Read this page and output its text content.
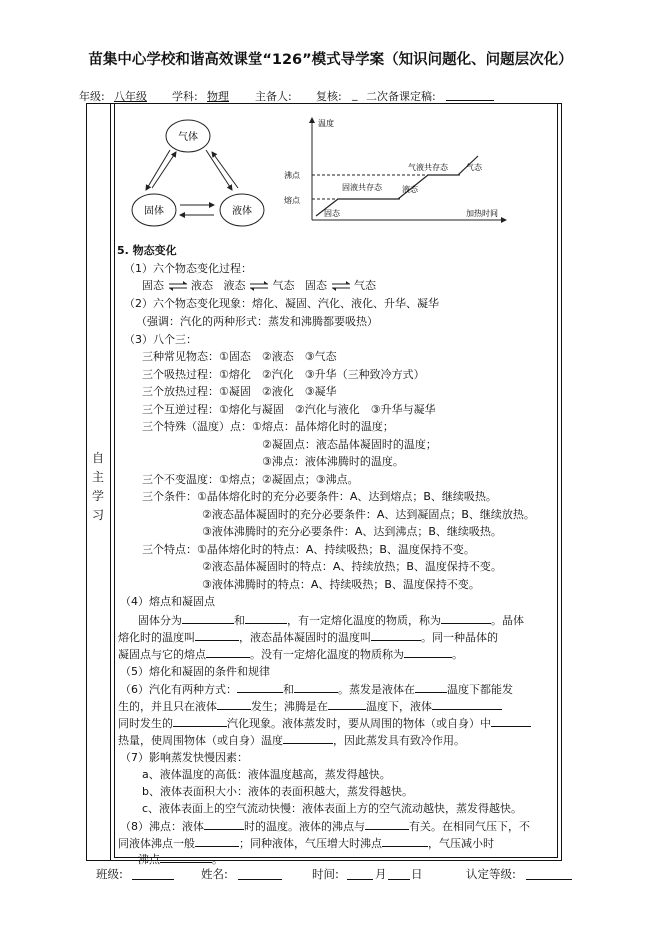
苗集中心学校和谐高效课堂“126”模式导学案（知识问题化、问题层次化）
年级: 八年级 学科: 物理 主备人: 复核: _ 二次备课定稿:
自主学习
气体
固体	液体
温度
加热时间
沸点
熔点
固态
固液共存态	液态
气液共存态 气态
5. 物态变化
（1）六个物态变化过程：
固态 液态 液态 气态 固态 气态
（2）六个物态变化现象：熔化、凝固、汽化、液化、升华、凝华
（强调：汽化的两种形式：蒸发和沸腾都要吸热）
（3）八个三：
三种常见物态：①固态　②液态　③气态
三个吸热过程：①熔化　②汽化　③升华（三种致冷方式）
三个放热过程：①凝固　②液化　③凝华
三个互逆过程：①熔化与凝固　②汽化与液化　③升华与凝华
三个特殊（温度）点：①熔点：晶体熔化时的温度；
②凝固点：液态晶体凝固时的温度；
③沸点：液体沸腾时的温度。
三个不变温度：①熔点；②凝固点；③沸点。
三个条件：①晶体熔化时的充分必要条件：A、达到熔点；B、继续吸热。
②液态晶体凝固时的充分必要条件：A、达到凝固点；B、继续放热。
③液体沸腾时的充分必要条件：A、达到沸点；B、继续吸热。
三个特点：①晶体熔化时的特点：A、持续吸热；B、温度保持不变。
②液态晶体凝固时的特点：A、持续放热；B、温度保持不变。
③液体沸腾时的特点：A、持续吸热；B、温度保持不变。
（4）熔点和凝固点
固体分为	和	，有一定熔化温度的物质，称为	。晶体
熔化时的温度叫	，液态晶体凝固时的温度叫	。同一种晶体的
凝固点与它的熔点	。没有一定熔化温度的物质称为	。
（5）熔化和凝固的条件和规律
（6）汽化有两种方式：	和	。蒸发是液体在	温度下都能发
生的，并且只在液体	发生；沸腾是在	温度下，液体
同时发生的	汽化现象。液体蒸发时，要从周围的物体（或自身）中
热量，使周围物体（或自身）温度	，因此蒸发具有致冷作用。
（7）影响蒸发快慢因素：
a、液体温度的高低：液体温度越高，蒸发得越快。
b、液体表面积大小：液体的表面积越大，蒸发得越快。
c、液体表面上的空气流动快慢：液体表面上方的空气流动越快，蒸发得越快。
（8）沸点：液体	时的温度。液体的沸点与	有关。在相同气压下，不
同液体沸点一般	；同种液体，气压增大时沸点	，气压减小时
沸点	。
班级:	姓名:	时间:	月 日	认定等级:
